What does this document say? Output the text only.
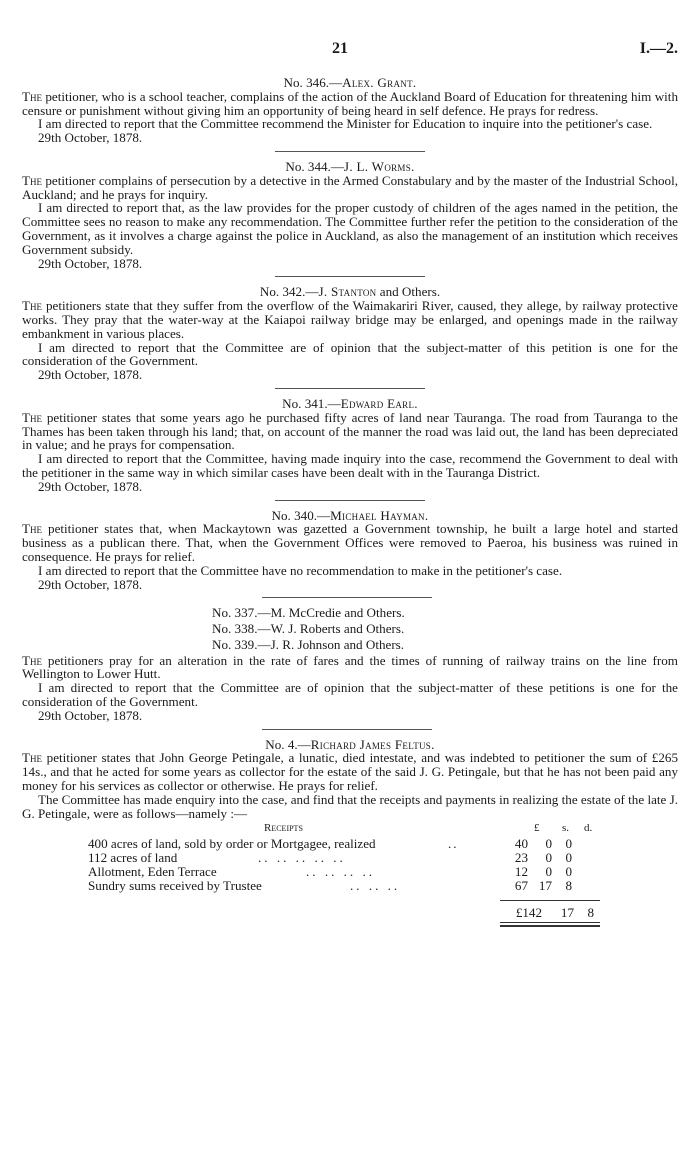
21	I.—2.

No. 346.—Alex. Grant.

The petitioner, who is a school teacher, complains of the action of the Auckland Board of Education for threatening him with censure or punishment without giving him an opportunity of being heard in self defence. He prays for redress.

I am directed to report that the Committee recommend the Minister for Education to inquire into the petitioner's case.

29th October, 1878.

No. 344.—J. L. Worms.

The petitioner complains of persecution by a detective in the Armed Constabulary and by the master of the Industrial School, Auckland; and he prays for inquiry.

I am directed to report that, as the law provides for the proper custody of children of the ages named in the petition, the Committee sees no reason to make any recommendation. The Committee further refer the petition to the consideration of the Government, as it involves a charge against the police in Auckland, as also the management of an institution which receives Government subsidy.

29th October, 1878.

No. 342.—J. Stanton and Others.

The petitioners state that they suffer from the overflow of the Waimakariri River, caused, they allege, by railway protective works. They pray that the water-way at the Kaiapoi railway bridge may be enlarged, and openings made in the railway embankment in various places.

I am directed to report that the Committee are of opinion that the subject-matter of this petition is one for the consideration of the Government.

29th October, 1878.

No. 341.—Edward Earl.

The petitioner states that some years ago he purchased fifty acres of land near Tauranga. The road from Tauranga to the Thames has been taken through his land; that, on account of the manner the road was laid out, the land has been depreciated in value; and he prays for compensation.

I am directed to report that the Committee, having made inquiry into the case, recommend the Government to deal with the petitioner in the same way in which similar cases have been dealt with in the Tauranga District.

29th October, 1878.

No. 340.—Michael Hayman.

The petitioner states that, when Mackaytown was gazetted a Government township, he built a large hotel and started business as a publican there. That, when the Government Offices were removed to Paeroa, his business was ruined in consequence. He prays for relief.

I am directed to report that the Committee have no recommendation to make in the petitioner's case.

29th October, 1878.

No. 337.—M. McCredie and Others.

No. 338.—W. J. Roberts and Others.

No. 339.—J. R. Johnson and Others.

The petitioners pray for an alteration in the rate of fares and the times of running of railway trains on the line from Wellington to Lower Hutt.

I am directed to report that the Committee are of opinion that the subject-matter of these petitions is one for the consideration of the Government.

29th October, 1878.

No. 4.—Richard James Feltus.

The petitioner states that John George Petingale, a lunatic, died intestate, and was indebted to petitioner the sum of £265 14s., and that he acted for some years as collector for the estate of the said J. G. Petingale, but that he has not been paid any money for his services as collector or otherwise. He prays for relief.

The Committee has made enquiry into the case, and find that the receipts and payments in realizing the estate of the late J. G. Petingale, were as follows—namely :—

Receipts	£ s. d.
400 acres of land, sold by order or Mortgagee, realized	..	40	0	0
112 acres of land	.. .. .. .. ..	23	0	0
Allotment, Eden Terrace	.. .. .. ..	12	0	0
Sundry sums received by Trustee	.. .. ..	67 17	8
£142	17	8
